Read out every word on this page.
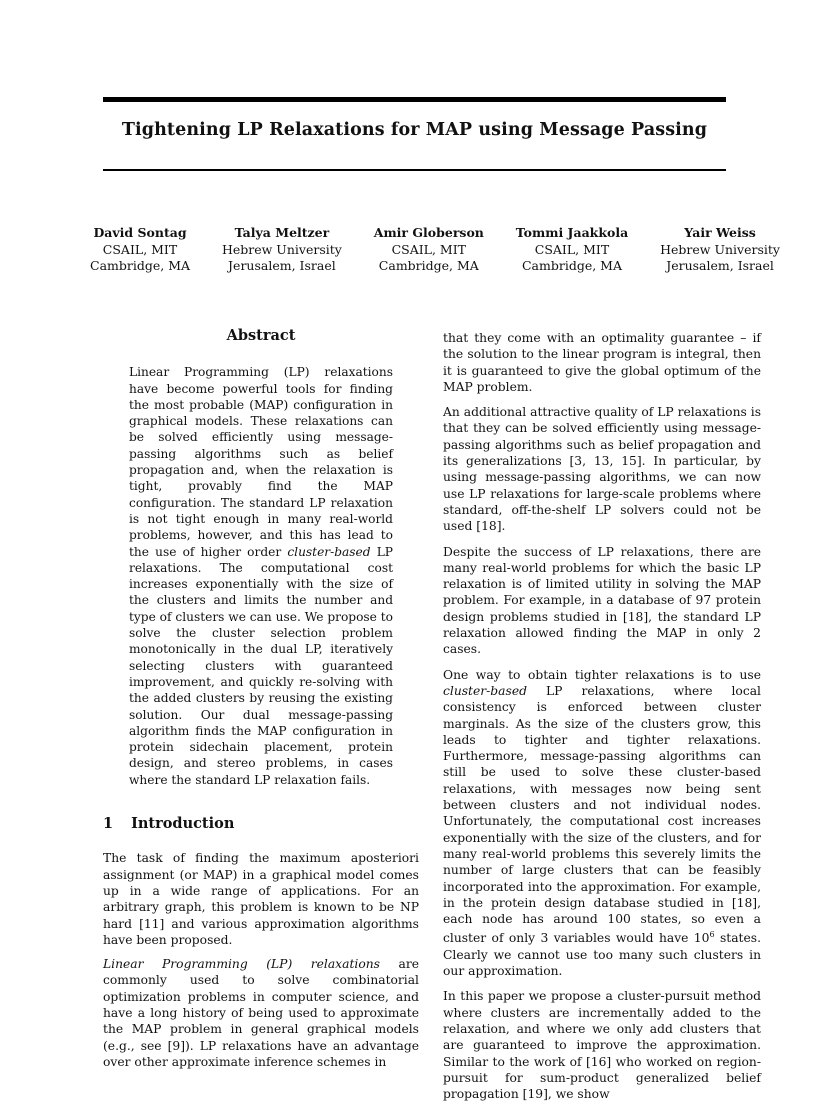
Tightening LP Relaxations for MAP using Message Passing
David Sontag
CSAIL, MIT
Cambridge, MA
Talya Meltzer
Hebrew University
Jerusalem, Israel
Amir Globerson
CSAIL, MIT
Cambridge, MA
Tommi Jaakkola
CSAIL, MIT
Cambridge, MA
Yair Weiss
Hebrew University
Jerusalem, Israel
Abstract
Linear Programming (LP) relaxations have become powerful tools for finding the most probable (MAP) configuration in graphical models. These relaxations can be solved efficiently using message-passing algorithms such as belief propagation and, when the relaxation is tight, provably find the MAP configuration. The standard LP relaxation is not tight enough in many real-world problems, however, and this has lead to the use of higher order cluster-based LP relaxations. The computational cost increases exponentially with the size of the clusters and limits the number and type of clusters we can use. We propose to solve the cluster selection problem monotonically in the dual LP, iteratively selecting clusters with guaranteed improvement, and quickly re-solving with the added clusters by reusing the existing solution. Our dual message-passing algorithm finds the MAP configuration in protein sidechain placement, protein design, and stereo problems, in cases where the standard LP relaxation fails.
1 Introduction

The task of finding the maximum aposteriori assignment (or MAP) in a graphical model comes up in a wide range of applications. For an arbitrary graph, this problem is known to be NP hard [11] and various approximation algorithms have been proposed.

Linear Programming (LP) relaxations are commonly used to solve combinatorial optimization problems in computer science, and have a long history of being used to approximate the MAP problem in general graphical models (e.g., see [9]). LP relaxations have an advantage over other approximate inference schemes in

that they come with an optimality guarantee – if the solution to the linear program is integral, then it is guaranteed to give the global optimum of the MAP problem.

An additional attractive quality of LP relaxations is that they can be solved efficiently using message-passing algorithms such as belief propagation and its generalizations [3, 13, 15]. In particular, by using message-passing algorithms, we can now use LP relaxations for large-scale problems where standard, off-the-shelf LP solvers could not be used [18].

Despite the success of LP relaxations, there are many real-world problems for which the basic LP relaxation is of limited utility in solving the MAP problem. For example, in a database of 97 protein design problems studied in [18], the standard LP relaxation allowed finding the MAP in only 2 cases.

One way to obtain tighter relaxations is to use cluster-based LP relaxations, where local consistency is enforced between cluster marginals. As the size of the clusters grow, this leads to tighter and tighter relaxations. Furthermore, message-passing algorithms can still be used to solve these cluster-based relaxations, with messages now being sent between clusters and not individual nodes. Unfortunately, the computational cost increases exponentially with the size of the clusters, and for many real-world problems this severely limits the number of large clusters that can be feasibly incorporated into the approximation. For example, in the protein design database studied in [18], each node has around 100 states, so even a cluster of only 3 variables would have $10^6$ states. Clearly we cannot use too many such clusters in our approximation.

In this paper we propose a cluster-pursuit method where clusters are incrementally added to the relaxation, and where we only add clusters that are guaranteed to improve the approximation. Similar to the work of [16] who worked on region-pursuit for sum-product generalized belief propagation [19], we show
